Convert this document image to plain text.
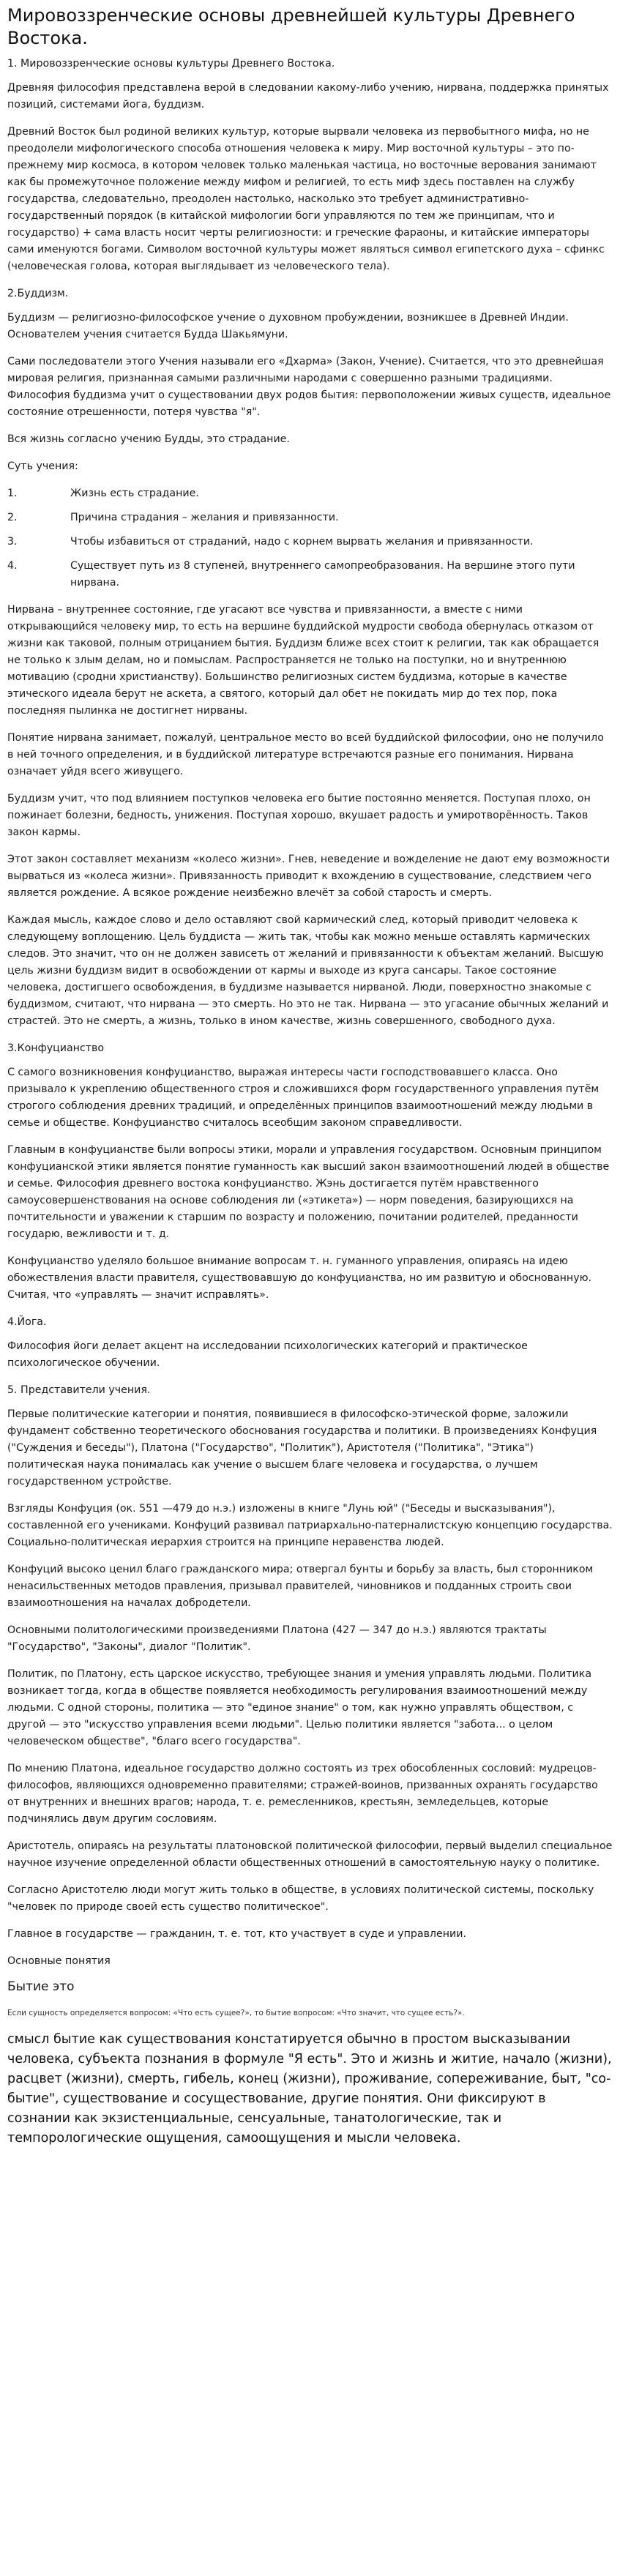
Мировоззренческие основы древнейшей культуры Древнего Востока.

1. Мировоззренческие основы культуры Древнего Востока.

Древняя философия представлена верой в следовании какому-либо учению, нирвана, поддержка принятых позиций, системами йога, буддизм.

Древний Восток был родиной великих культур, которые вырвали человека из первобытного мифа, но не преодолели мифологического способа отношения человека к миру. Мир восточной культуры – это по-прежнему мир космоса, в котором человек только маленькая частица, но восточные верования занимают как бы промежуточное положение между мифом и религией, то есть миф здесь поставлен на службу государства, следовательно, преодолен настолько, насколько это требует административно-государственный порядок (в китайской мифологии боги управляются по тем же принципам, что и государство) + сама власть носит черты религиозности: и греческие фараоны, и китайские императоры сами именуются богами. Символом восточной культуры может являться символ египетского духа – сфинкс (человеческая голова, которая выглядывает из человеческого тела).

2.Буддизм.

Буддизм — религиозно-философское учение о духовном пробуждении, возникшее в Древней Индии. Основателем учения считается Будда Шакьямуни.

Сами последователи этого Учения называли его «Дхарма» (Закон, Учение). Считается, что это древнейшая мировая религия, признанная самыми различными народами с совершенно разными традициями. Философия буддизма учит о существовании двух родов бытия: первоположении живых существ, идеальное состояние отрешенности, потеря чувства "я".

Вся жизнь согласно учению Будды, это страдание.

Суть учения:

1.	Жизнь есть страдание.
2.	Причина страдания – желания и привязанности.
3.	Чтобы избавиться от страданий, надо с корнем вырвать желания и привязанности.
4.	Существует путь из 8 ступеней, внутреннего самопреобразования. На вершине этого пути нирвана.

Нирвана – внутреннее состояние, где угасают все чувства и привязанности, а вместе с ними открывающийся человеку мир, то есть на вершине буддийской мудрости свобода обернулась отказом от жизни как таковой, полным отрицанием бытия. Буддизм ближе всех стоит к религии, так как обращается не только к злым делам, но и помыслам. Распространяется не только на поступки, но и внутреннюю мотивацию (сродни христианству). Большинство религиозных систем буддизма, которые в качестве этического идеала берут не аскета, а святого, который дал обет не покидать мир до тех пор, пока последняя пылинка не достигнет нирваны.

Понятие нирвана занимает, пожалуй, центральное место во всей буддийской философии, оно не получило в ней точного определения, и в буддийской литературе встречаются разные его понимания. Нирвана означает уйдя всего живущего.

Буддизм учит, что под влиянием поступков человека его бытие постоянно меняется. Поступая плохо, он пожинает болезни, бедность, унижения. Поступая хорошо, вкушает радость и умиротворённость. Таков закон кармы.

Этот закон составляет механизм «колесо жизни». Гнев, неведение и вожделение не дают ему возможности вырваться из «колеса жизни». Привязанность приводит к вхождению в существование, следствием чего является рождение. А всякое рождение неизбежно влечёт за собой старость и смерть.

Каждая мысль, каждое слово и дело оставляют свой кармический след, который приводит человека к следующему воплощению. Цель буддиста — жить так, чтобы как можно меньше оставлять кармических следов. Это значит, что он не должен зависеть от желаний и привязанности к объектам желаний. Высшую цель жизни буддизм видит в освобождении от кармы и выходе из круга сансары. Такое состояние человека, достигшего освобождения, в буддизме называется нирваной. Люди, поверхностно знакомые с буддизмом, считают, что нирвана — это смерть. Но это не так. Нирвана — это угасание обычных желаний и страстей. Это не смерть, а жизнь, только в ином качестве, жизнь совершенного, свободного духа.

3.Конфуцианство

С самого возникновения конфуцианство, выражая интересы части господствовавшего класса. Оно призывало к укреплению общественного строя и сложившихся форм государственного управления путём строгого соблюдения древних традиций, и определённых принципов взаимоотношений между людьми в семье и обществе. Конфуцианство считалось всеобщим законом справедливости.

Главным в конфуцианстве были вопросы этики, морали и управления государством. Основным принципом конфуцианской этики является понятие гуманность как высший закон взаимоотношений людей в обществе и семье. Философия древнего востока конфуцианство. Жэнь достигается путём нравственного самоусовершенствования на основе соблюдения ли («этикета») — норм поведения, базирующихся на почтительности и уважении к старшим по возрасту и положению, почитании родителей, преданности государю, вежливости и т. д.

Конфуцианство уделяло большое внимание вопросам т. н. гуманного управления, опираясь на идею обожествления власти правителя, существовавшую до конфуцианства, но им развитую и обоснованную. Считая, что «управлять — значит исправлять».

4.Йога.

Философия йоги делает акцент на исследовании психологических категорий и практическое психологическое обучении.

5. Представители учения.

Первые политические категории и понятия, появившиеся в философско-этической форме, заложили фундамент собственно теоретического обоснования государства и политики. В произведениях Конфуция ("Суждения и беседы"), Платона ("Государство", "Политик"), Аристотеля ("Политика", "Этика") политическая наука понималась как учение о высшем благе человека и государства, о лучшем государственном устройстве.

Взгляды Конфуция (ок. 551 —479 до н.э.) изложены в книге "Лунь юй" ("Беседы и высказывания"), составленной его учениками. Конфуций развивал патриархально-патерналистскую концепцию государства. Социально-политическая иерархия строится на принципе неравенства людей.

Конфуций высоко ценил благо гражданского мира; отвергал бунты и борьбу за власть, был сторонником ненасильственных методов правления, призывал правителей, чиновников и подданных строить свои взаимоотношения на началах добродетели.

Основными политологическими произведениями Платона (427 — 347 до н.э.) являются трактаты "Государство", "Законы", диалог "Политик".

Политик, по Платону, есть царское искусство, требующее знания и умения управлять людьми. Политика возникает тогда, когда в обществе появляется необходимость регулирования взаимоотношений между людьми. С одной стороны, политика — это "единое знание" о том, как нужно управлять обществом, с другой — это "искусство управления всеми людьми". Целью политики является "забота... о целом человеческом обществе", "благо всего государства".

По мнению Платона, идеальное государство должно состоять из трех обособленных сословий: мудрецов-философов, являющихся одновременно правителями; стражей-воинов, призванных охранять государство от внутренних и внешних врагов; народа, т. е. ремесленников, крестьян, земледельцев, которые подчинялись двум другим сословиям.

Аристотель, опираясь на результаты платоновской политической философии, первый выделил специальное научное изучение определенной области общественных отношений в самостоятельную науку о политике.

Согласно Аристотелю люди могут жить только в обществе, в условиях политической системы, поскольку "человек по природе своей есть существо политическое".

Главное в государстве — гражданин, т. е. тот, кто участвует в суде и управлении.

Основные понятия

Бытие это

Если сущность определяется вопросом: «Что есть сущее?», то бытие вопросом: «Что значит, что сущее есть?».

смысл бытие как существования констатируется обычно в простом высказывании человека, субъекта познания в формуле "Я есть". Это и жизнь и житие, начало (жизни), расцвет (жизни), смерть, гибель, конец (жизни), проживание, сопереживание, быт, "со-бытие", существование и сосуществование, другие понятия. Они фиксируют в сознании как экзистенциальные, сенсуальные, танатологические, так и темпорологические ощущения, самоощущения и мысли человека.
